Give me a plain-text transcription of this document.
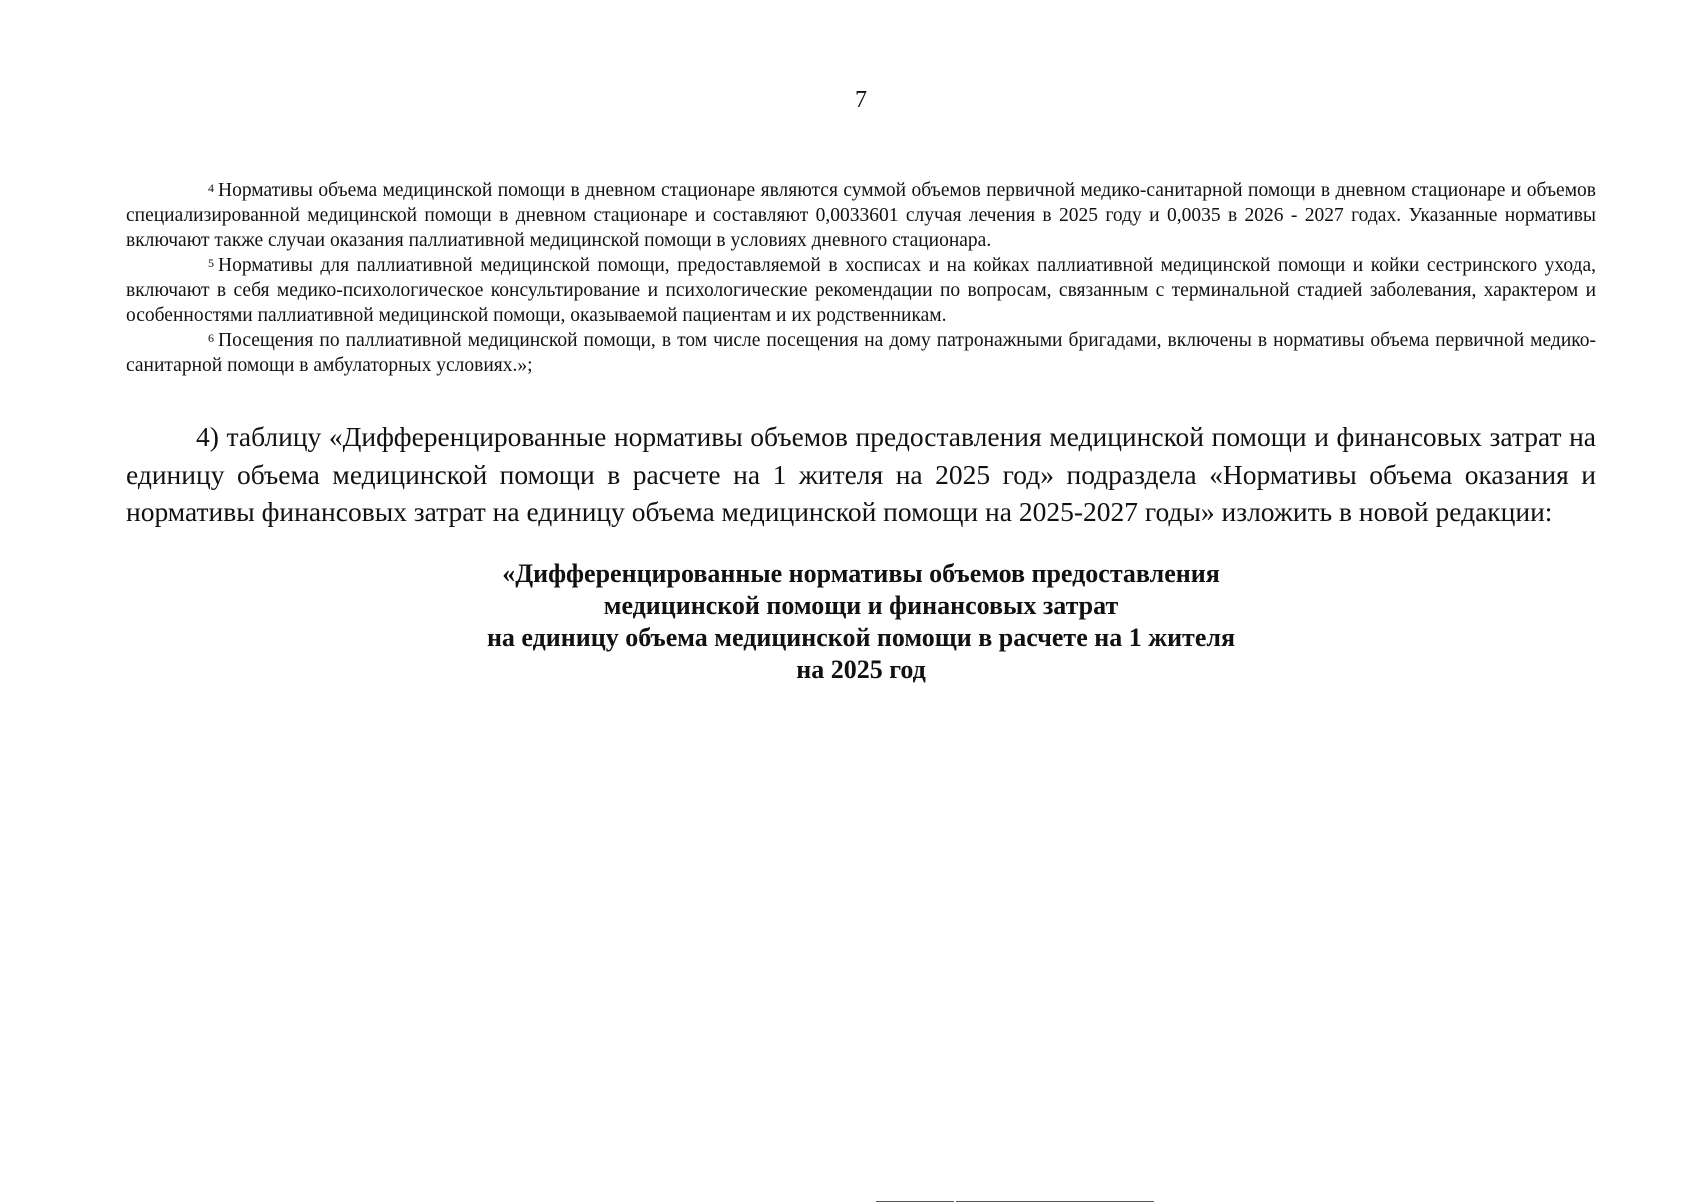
7

$^4$ Нормативы объема медицинской помощи в дневном стационаре являются суммой объемов первичной медико-санитарной помощи в дневном стационаре и объемов специализированной медицинской помощи в дневном стационаре и составляют 0,0033601 случая лечения в 2025 году и 0,0035 в 2026 - 2027 годах. Указанные нормативы включают также случаи оказания паллиативной медицинской помощи в условиях дневного стационара.

$^5$ Нормативы для паллиативной медицинской помощи, предоставляемой в хосписах и на койках паллиативной медицинской помощи и койки сестринского ухода, включают в себя медико-психологическое консультирование и психологические рекомендации по вопросам, связанным с терминальной стадией заболевания, характером и особенностями паллиативной медицинской помощи, оказываемой пациентам и их родственникам.

$^6$ Посещения по паллиативной медицинской помощи, в том числе посещения на дому патронажными бригадами, включены в нормативы объема первичной медико-санитарной помощи в амбулаторных условиях.»;

4) таблицу «Дифференцированные нормативы объемов предоставления медицинской помощи и финансовых затрат на единицу объема медицинской помощи в расчете на 1 жителя на 2025 год» подраздела «Нормативы объема оказания и нормативы финансовых затрат на единицу объема медицинской помощи на 2025-2027 годы» изложить в новой редакции:

«Дифференцированные нормативы объемов предоставления
медицинской помощи и финансовых затрат
на единицу объема медицинской помощи в расчете на 1 жителя
на 2025 год
